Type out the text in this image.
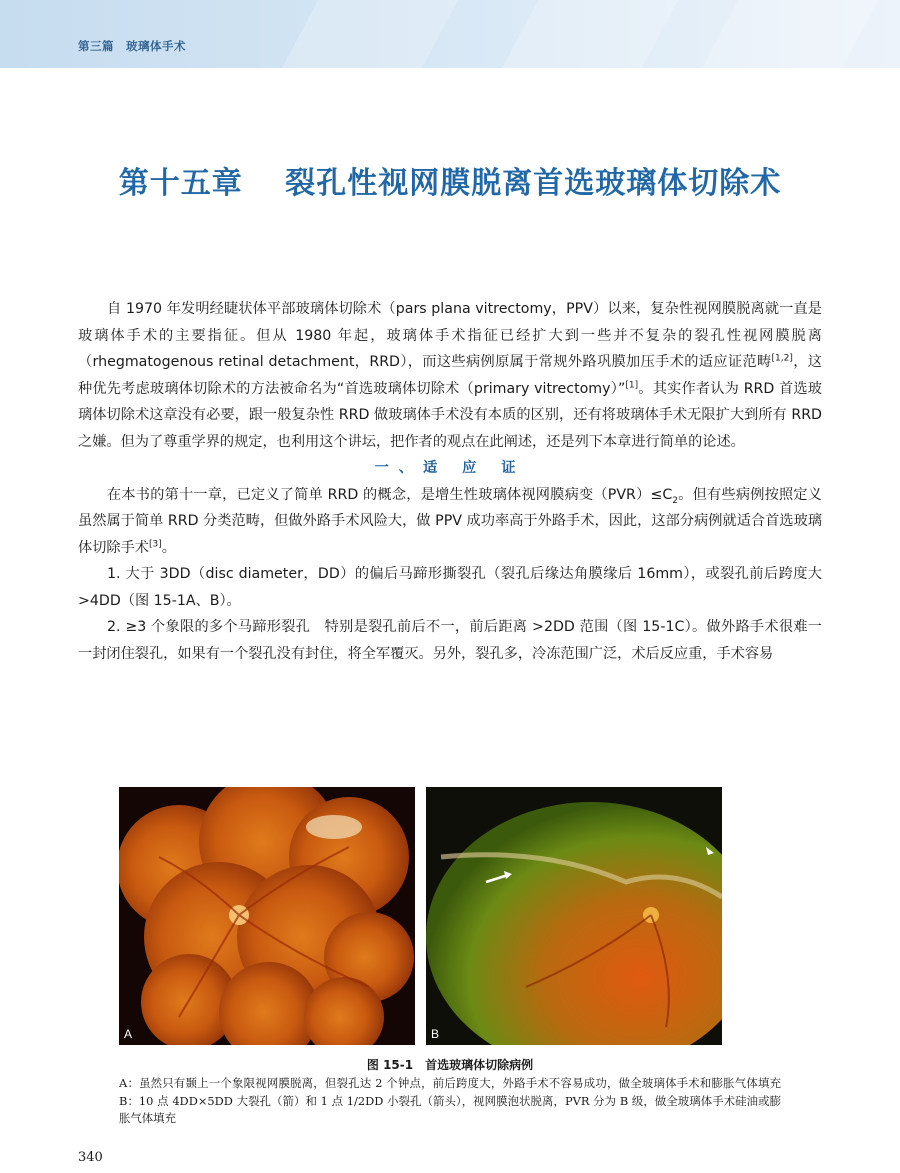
第三篇　玻璃体手术
第十五章　 裂孔性视网膜脱离首选玻璃体切除术

自 1970 年发明经睫状体平部玻璃体切除术（pars plana vitrectomy，PPV）以来，复杂性视网膜脱离就一直是玻璃体手术的主要指征。但从 1980 年起，玻璃体手术指征已经扩大到一些并不复杂的裂孔性视网膜脱离（rhegmatogenous retinal detachment，RRD），而这些病例原属于常规外路巩膜加压手术的适应证范畴[1,2]，这种优先考虑玻璃体切除术的方法被命名为“首选玻璃体切除术（primary vitrectomy）”[1]。其实作者认为 RRD 首选玻璃体切除术这章没有必要，跟一般复杂性 RRD 做玻璃体手术没有本质的区别，还有将玻璃体手术无限扩大到所有 RRD 之嫌。但为了尊重学界的规定，也利用这个讲坛，把作者的观点在此阐述，还是列下本章进行简单的论述。

一、适 应 证

在本书的第十一章，已定义了简单 RRD 的概念，是增生性玻璃体视网膜病变$(PVR)\le C_2$。但有些病例按照定义虽然属于简单 RRD 分类范畴，但做外路手术风险大，做 PPV 成功率高于外路手术，因此，这部分病例就适合首选玻璃体切除手术[3]。

1. 大于 3DD（disc diameter，DD）的偏后马蹄形撕裂孔（裂孔后缘达角膜缘后 16mm），或裂孔前后跨度大 >4DD（图 15-1A、B）。

2. ≥3 个象限的多个马蹄形裂孔　特别是裂孔前后不一，前后距离 >2DD 范围（图 15-1C）。做外路手术很难一一封闭住裂孔，如果有一个裂孔没有封住，将全军覆灭。另外，裂孔多，冷冻范围广泛，术后反应重，手术容易

A	B
图 15-1　首选玻璃体切除病例
A：虽然只有颞上一个象限视网膜脱离，但裂孔达 2 个钟点，前后跨度大，外路手术不容易成功，做全玻璃体手术和膨胀气体填充　B：10 点 4DD×5DD 大裂孔（箭）和 1 点 1/2DD 小裂孔（箭头），视网膜泡状脱离，PVR 分为 B 级，做全玻璃体手术硅油或膨胀气体填充
340
